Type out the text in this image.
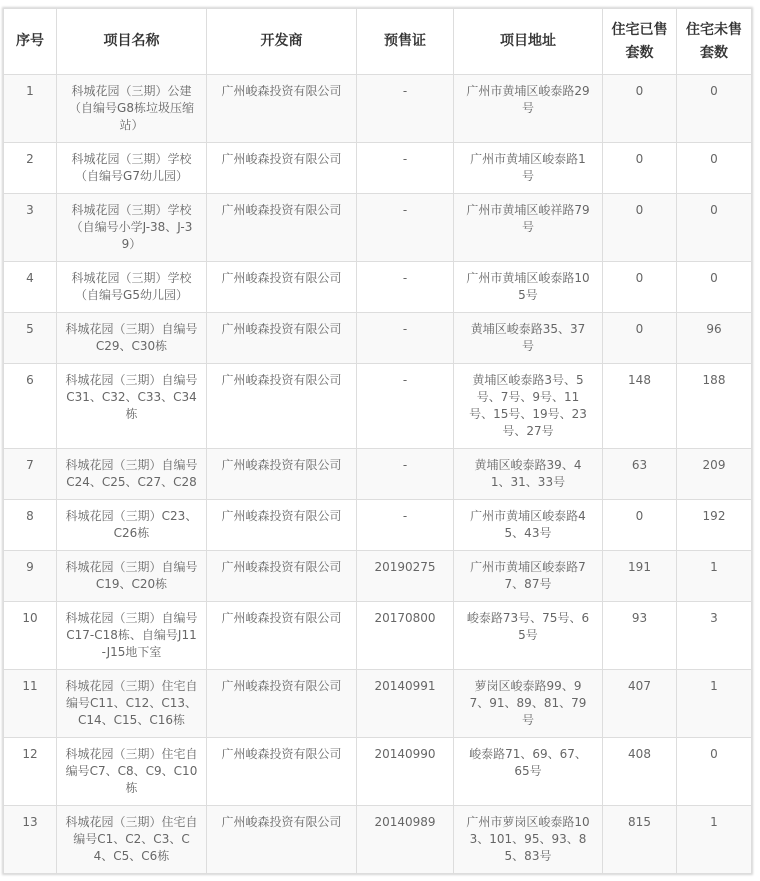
序号	项目名称	开发商	预售证	项目地址	住宅已售套数	住宅未售套数
1	科城花园（三期）公建（自编号G8栋垃圾压缩站）	广州峻森投资有限公司	-	广州市黄埔区峻泰路29号	0	0
2	科城花园（三期）学校（自编号G7幼儿园）	广州峻森投资有限公司	-	广州市黄埔区峻泰路1号	0	0
3	科城花园（三期）学校（自编号小学J-38、J-39）	广州峻森投资有限公司	-	广州市黄埔区峻祥路79号	0	0
4	科城花园（三期）学校（自编号G5幼儿园）	广州峻森投资有限公司	-	广州市黄埔区峻泰路105号	0	0
5	科城花园（三期）自编号C29、C30栋	广州峻森投资有限公司	-	黄埔区峻泰路35、37号	0	96
6	科城花园（三期）自编号C31、C32、C33、C34栋	广州峻森投资有限公司	-	黄埔区峻泰路3号、5号、7号、9号、11号、15号、19号、23号、27号	148	188
7	科城花园（三期）自编号C24、C25、C27、C28	广州峻森投资有限公司	-	黄埔区峻泰路39、41、31、33号	63	209
8	科城花园（三期）C23、C26栋	广州峻森投资有限公司	-	广州市黄埔区峻泰路45、43号	0	192
9	科城花园（三期）自编号C19、C20栋	广州峻森投资有限公司	20190275	广州市黄埔区峻泰路77、87号	191	1
10	科城花园（三期）自编号C17-C18栋、自编号J11-J15地下室	广州峻森投资有限公司	20170800	峻泰路73号、75号、65号	93	3
11	科城花园（三期）住宅自编号C11、C12、C13、C14、C15、C16栋	广州峻森投资有限公司	20140991	萝岗区峻泰路99、97、91、89、81、79号	407	1
12	科城花园（三期）住宅自编号C7、C8、C9、C10栋	广州峻森投资有限公司	20140990	峻泰路71、69、67、65号	408	0
13	科城花园（三期）住宅自编号C1、C2、C3、C4、C5、C6栋	广州峻森投资有限公司	20140989	广州市萝岗区峻泰路103、101、95、93、85、83号	815	1
